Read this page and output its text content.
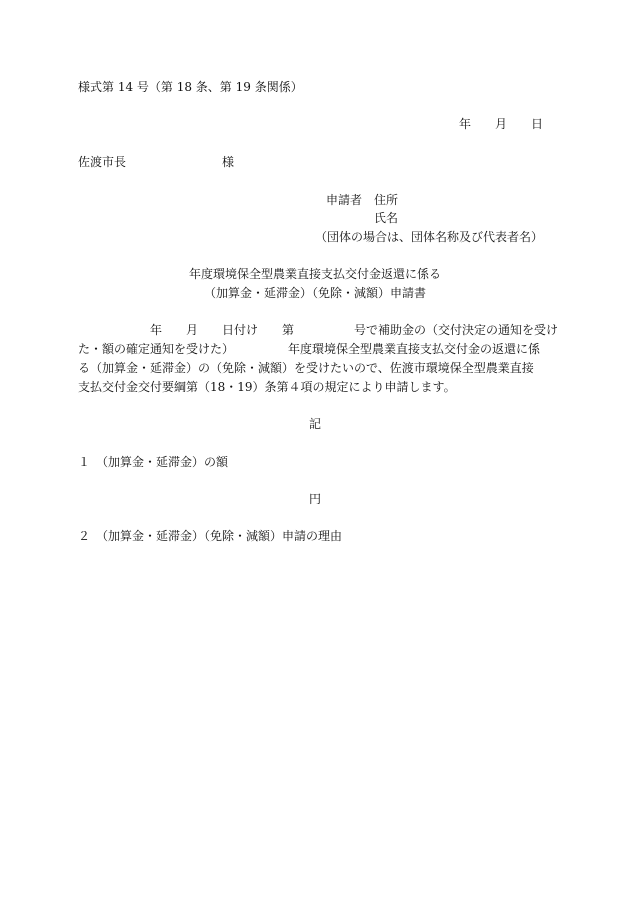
様式第 14 号（第 18 条、第 19 条関係）

年　　月　　日

佐渡市長　　　　　　　　様

申請者　住所

氏名

（団体の場合は、団体名称及び代表者名）

年度環境保全型農業直接支払交付金返還に係る

（加算金・延滞金）（免除・減額）申請書

　　　　　　年　　月　　日付け　　第　　　　　号で補助金の（交付決定の通知を受け

た・額の確定通知を受けた）　　　　　年度環境保全型農業直接支払交付金の返還に係

る（加算金・延滞金）の（免除・減額）を受けたいので、佐渡市環境保全型農業直接

支払交付金交付要綱第（18・19）条第４項の規定により申請します。

記

１　（加算金・延滞金）の額

円

２　（加算金・延滞金）（免除・減額）申請の理由
